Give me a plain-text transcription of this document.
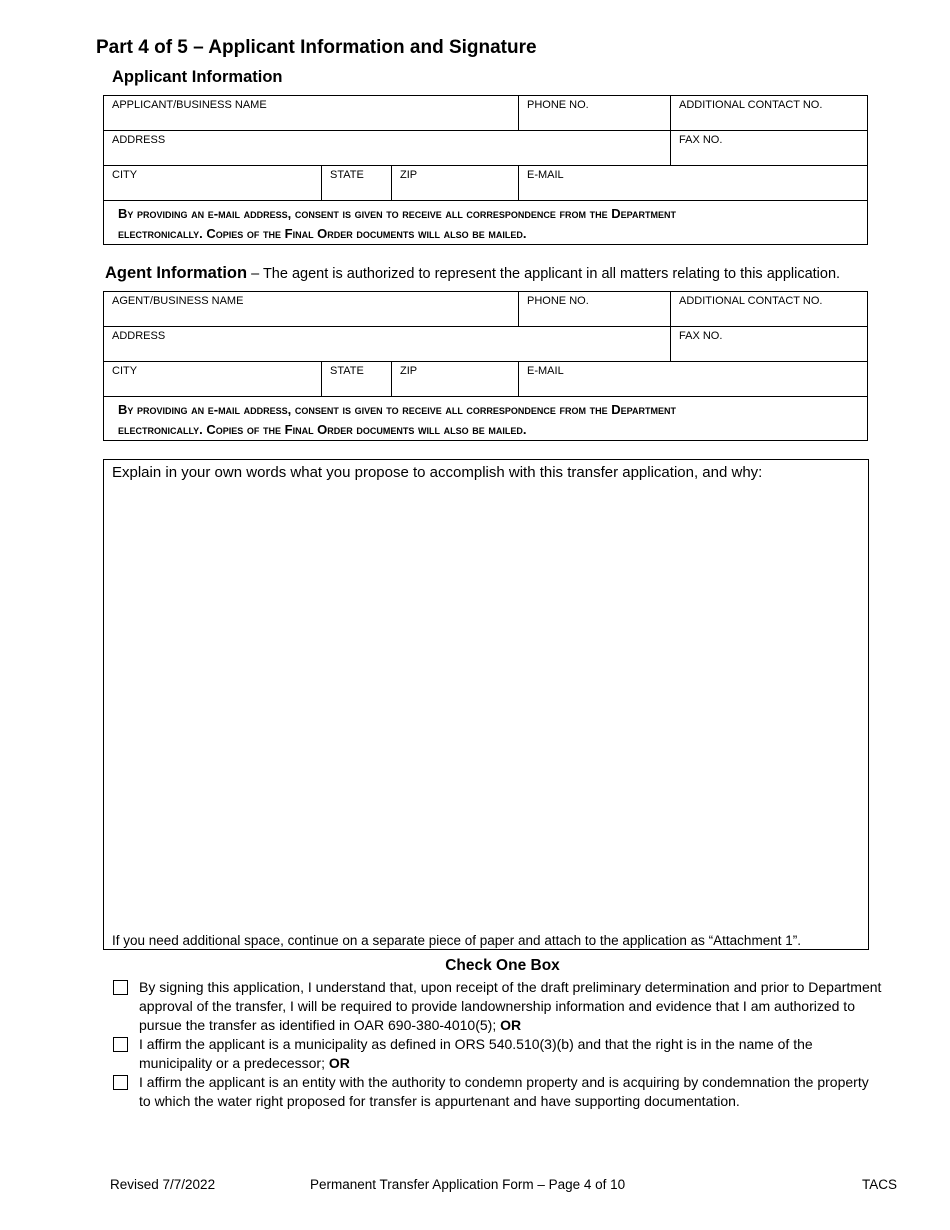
Part 4 of 5 – Applicant Information and Signature
Applicant Information
APPLICANT/BUSINESS NAME			PHONE NO.	ADDITIONAL CONTACT NO.
ADDRESS				FAX NO.
CITY	STATE	ZIP	E-MAIL	

By providing an e-mail address, consent is given to receive all correspondence from the Department
electronically. Copies of the Final Order documents will also be mailed.				
Agent Information – The agent is authorized to represent the applicant in all matters relating to this application.
AGENT/BUSINESS NAME			PHONE NO.	ADDITIONAL CONTACT NO.
ADDRESS				FAX NO.
CITY	STATE	ZIP	E-MAIL	

By providing an e-mail address, consent is given to receive all correspondence from the Department
electronically. Copies of the Final Order documents will also be mailed.				
Explain in your own words what you propose to accomplish with this transfer application, and why:
If you need additional space, continue on a separate piece of paper and attach to the application as “Attachment 1”.
Check One Box
By signing this application, I understand that, upon receipt of the draft preliminary determination and prior to Department approval of the transfer, I will be required to provide landownership information and evidence that I am authorized to pursue the transfer as identified in OAR 690-380-4010(5); OR
I affirm the applicant is a municipality as defined in ORS 540.510(3)(b) and that the right is in the name of the municipality or a predecessor; OR
I affirm the applicant is an entity with the authority to condemn property and is acquiring by condemnation the property to which the water right proposed for transfer is appurtenant and have supporting documentation.
Revised 7/7/2022	Permanent Transfer Application Form – Page 4 of 10	TACS
